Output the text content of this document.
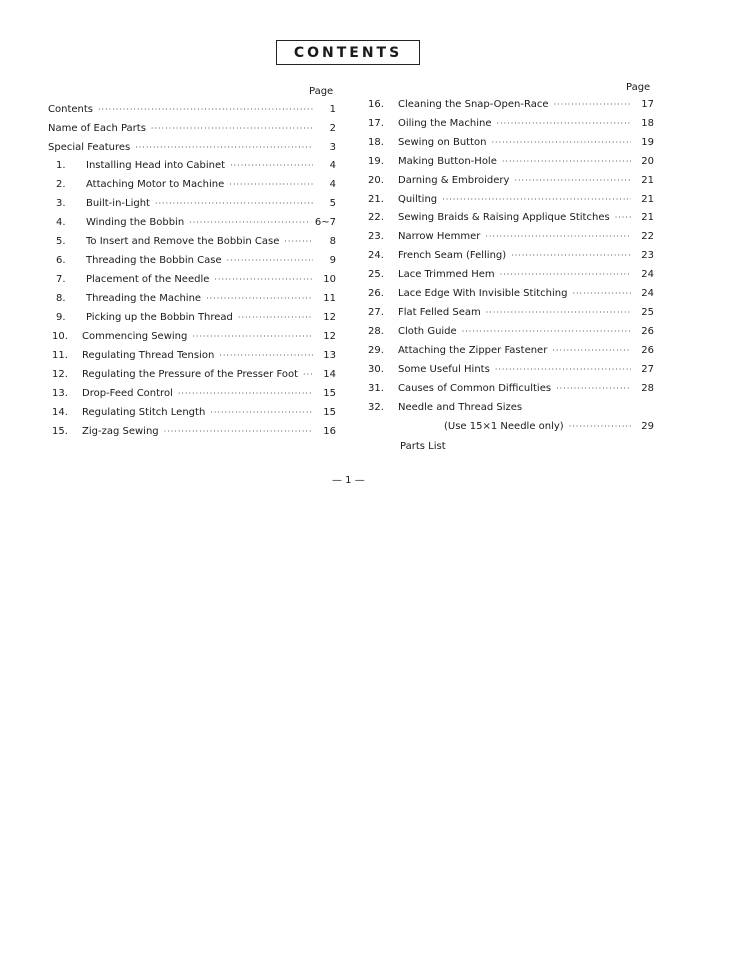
CONTENTS
Page	Page
Contents ·····	1
Name of Each Parts ·····	2
Special Features ·····	3
1.	Installing Head into Cabinet ·····	4
2.	Attaching Motor to Machine ·····	4
3.	Built-in-Light ·····	5
4.	Winding the Bobbin ·····	6~7
5.	To Insert and Remove the Bobbin Case ·····	8
6.	Threading the Bobbin Case ·····	9
7.	Placement of the Needle ·····	10
8.	Threading the Machine ·····	11
9.	Picking up the Bobbin Thread ·····	12
10.	Commencing Sewing ·····	12
11.	Regulating Thread Tension ·····	13
12.	Regulating the Pressure of the Presser Foot ·····	14
13.	Drop-Feed Control ·····	15
14.	Regulating Stitch Length ·····	15
15.	Zig-zag Sewing ·····	16
16.	Cleaning the Snap-Open-Race ·····	17
17.	Oiling the Machine ·····	18
18.	Sewing on Button ·····	19
19.	Making Button-Hole ·····	20
20.	Darning & Embroidery ·····	21
21.	Quilting ·····	21
22.	Sewing Braids & Raising Applique Stitches ·····	21
23.	Narrow Hemmer ·····	22
24.	French Seam (Felling) ·····	23
25.	Lace Trimmed Hem ·····	24
26.	Lace Edge With Invisible Stitching ·····	24
27.	Flat Felled Seam ·····	25
28.	Cloth Guide ·····	26
29.	Attaching the Zipper Fastener ·····	26
30.	Some Useful Hints ·····	27
31.	Causes of Common Difficulties ·····	28
32.	Needle and Thread Sizes
(Use 15×1 Needle only) ·····	29
Parts List
— 1 —
